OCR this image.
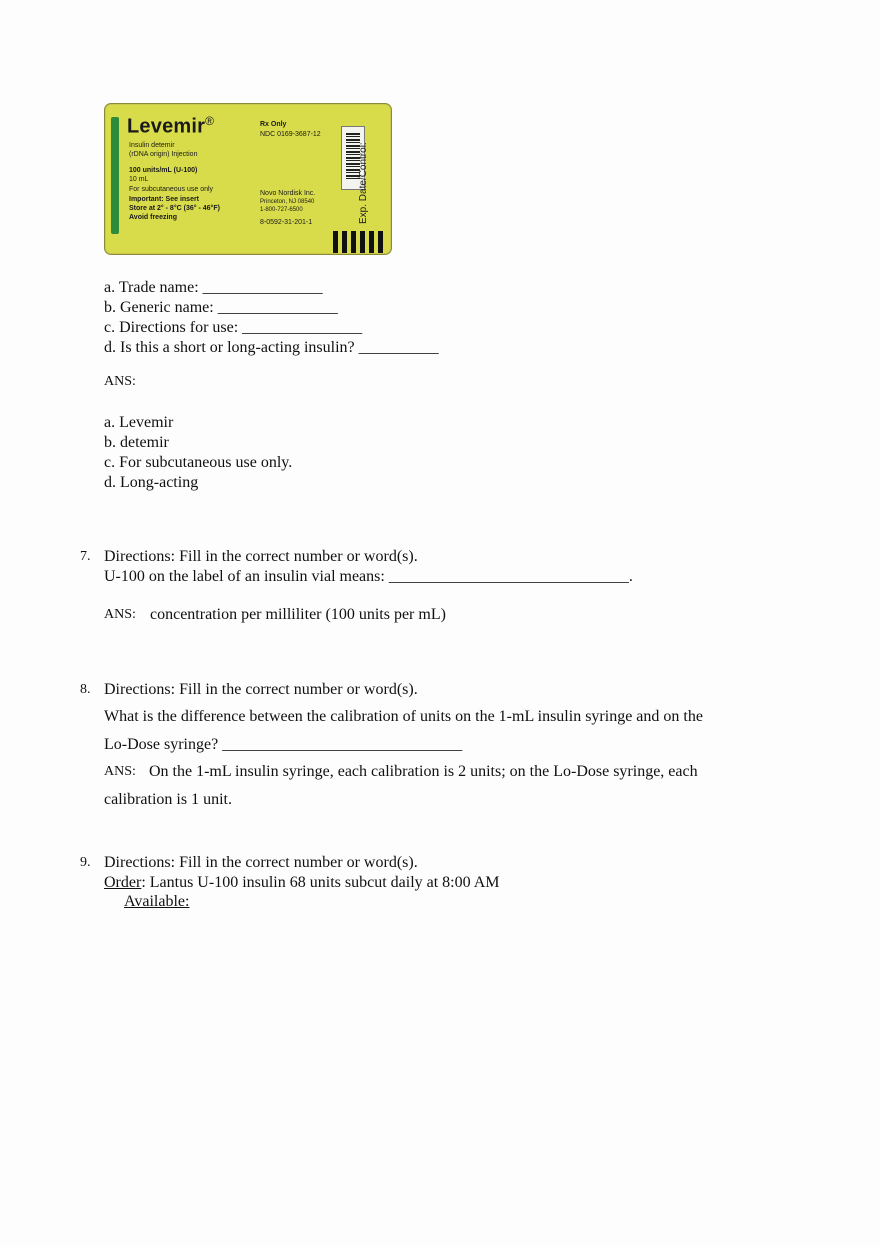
Levemir®
Insulin detemir
(rDNA origin) Injection
100 units/mL (U-100)
10 mL
For subcutaneous use only
Important: See insert
Store at 2° - 8°C (36° - 46°F)
Avoid freezing
Rx Only
NDC 0169-3687-12
Novo Nordisk Inc.
Princeton, NJ 08540
1-800-727-6500
8-0592-31-201-1	Exp. Date/Control:
a. Trade name: _______________
b. Generic name: _______________
c. Directions for use: _______________
d. Is this a short or long-acting insulin? __________
ANS:
a. Levemir
b. detemir
c. For subcutaneous use only.
d. Long-acting
7. Directions: Fill in the correct number or word(s).
U-100 on the label of an insulin vial means: ______________________________.
ANS: concentration per milliliter (100 units per mL)
8. Directions: Fill in the correct number or word(s).
What is the difference between the calibration of units on the 1-mL insulin syringe and on the
Lo-Dose syringe? ______________________________
ANS: On the 1-mL insulin syringe, each calibration is 2 units; on the Lo-Dose syringe, each
calibration is 1 unit.
9. Directions: Fill in the correct number or word(s).
Order: Lantus U-100 insulin 68 units subcut daily at 8:00 AM
Available:
